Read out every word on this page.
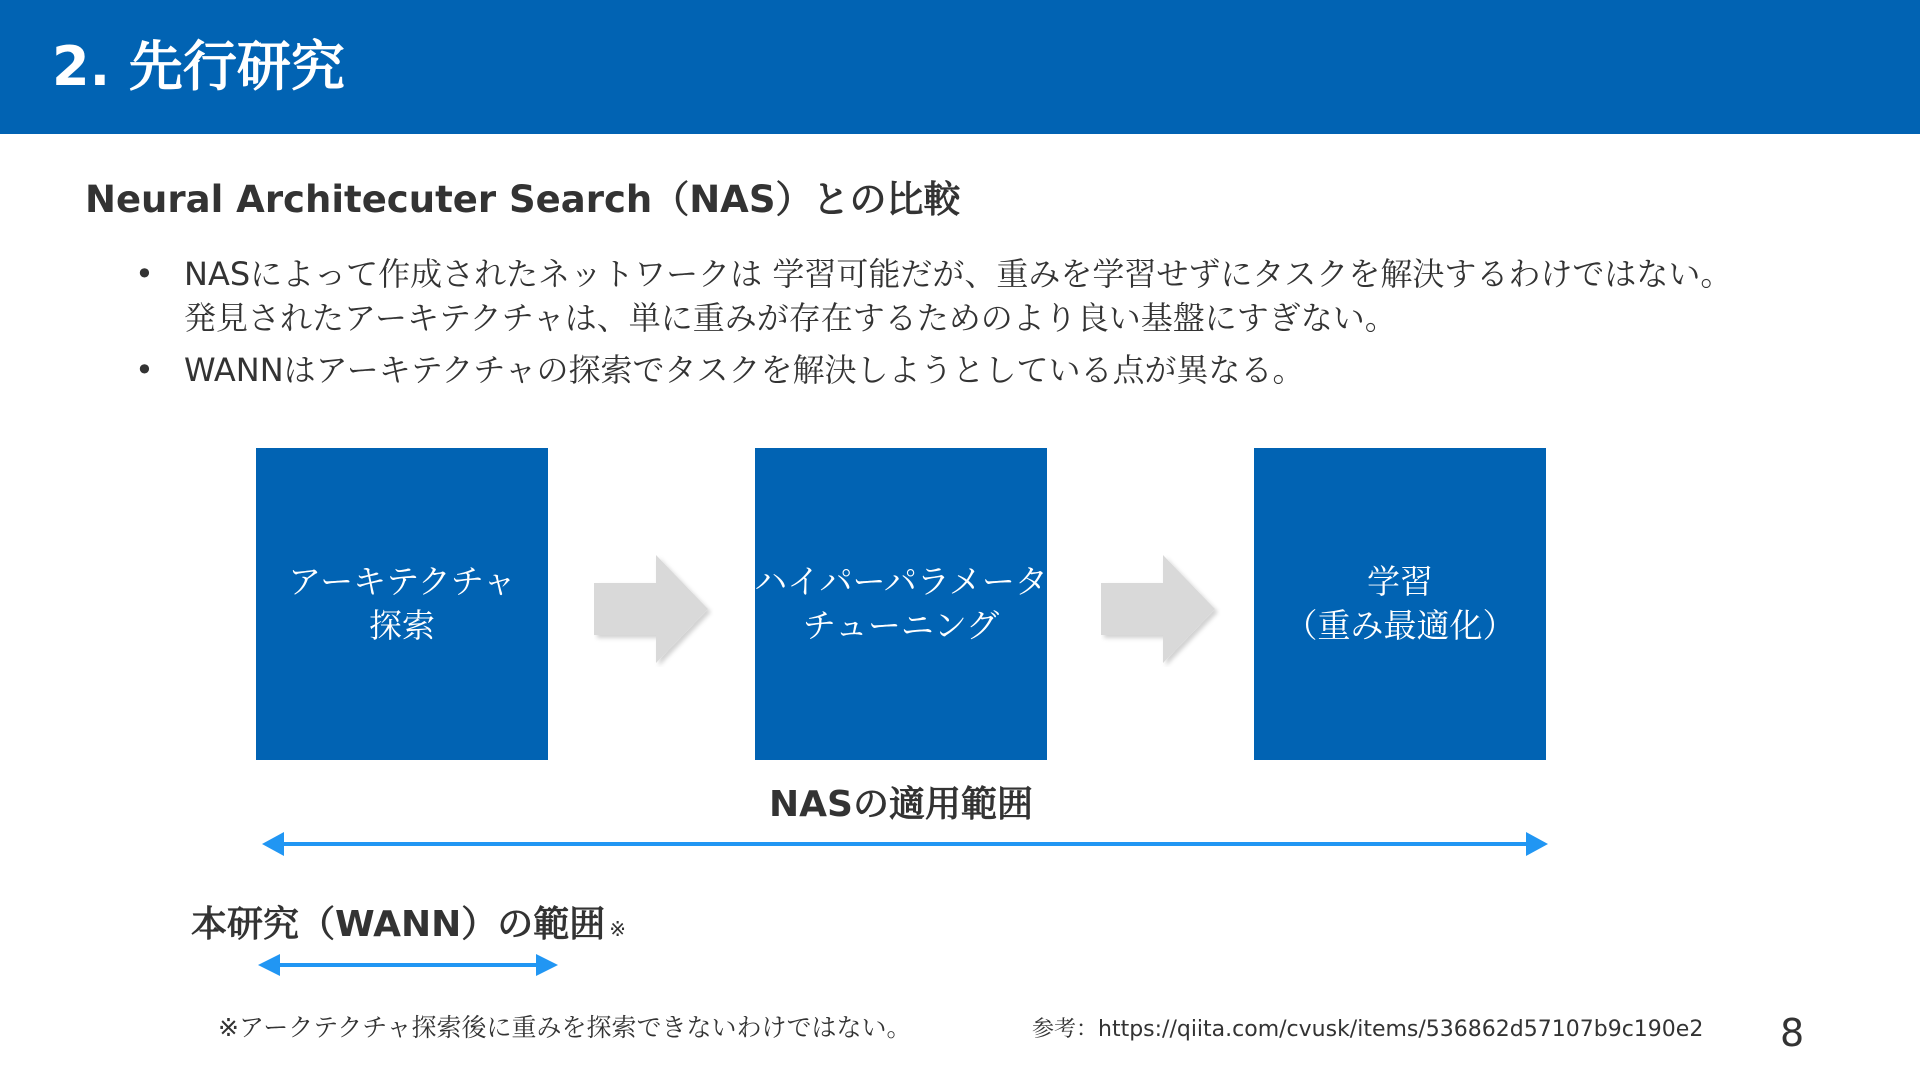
2. 先行研究
Neural Architecuter Search（NAS）との比較
• NASによって作成されたネットワークは 学習可能だが、重みを学習せずにタスクを解決するわけではない。
発見されたアーキテクチャは、単に重みが存在するためのより良い基盤にすぎない。
• WANNはアーキテクチャの探索でタスクを解決しようとしている点が異なる。
アーキテクチャ
探索
ハイパーパラメータ
チューニング
学習
（重み最適化）
NASの適用範囲
本研究（WANN）の範囲 ※
※アークテクチャ探索後に重みを探索できないわけではない。	参考：https://qiita.com/cvusk/items/536862d57107b9c190e2 8
